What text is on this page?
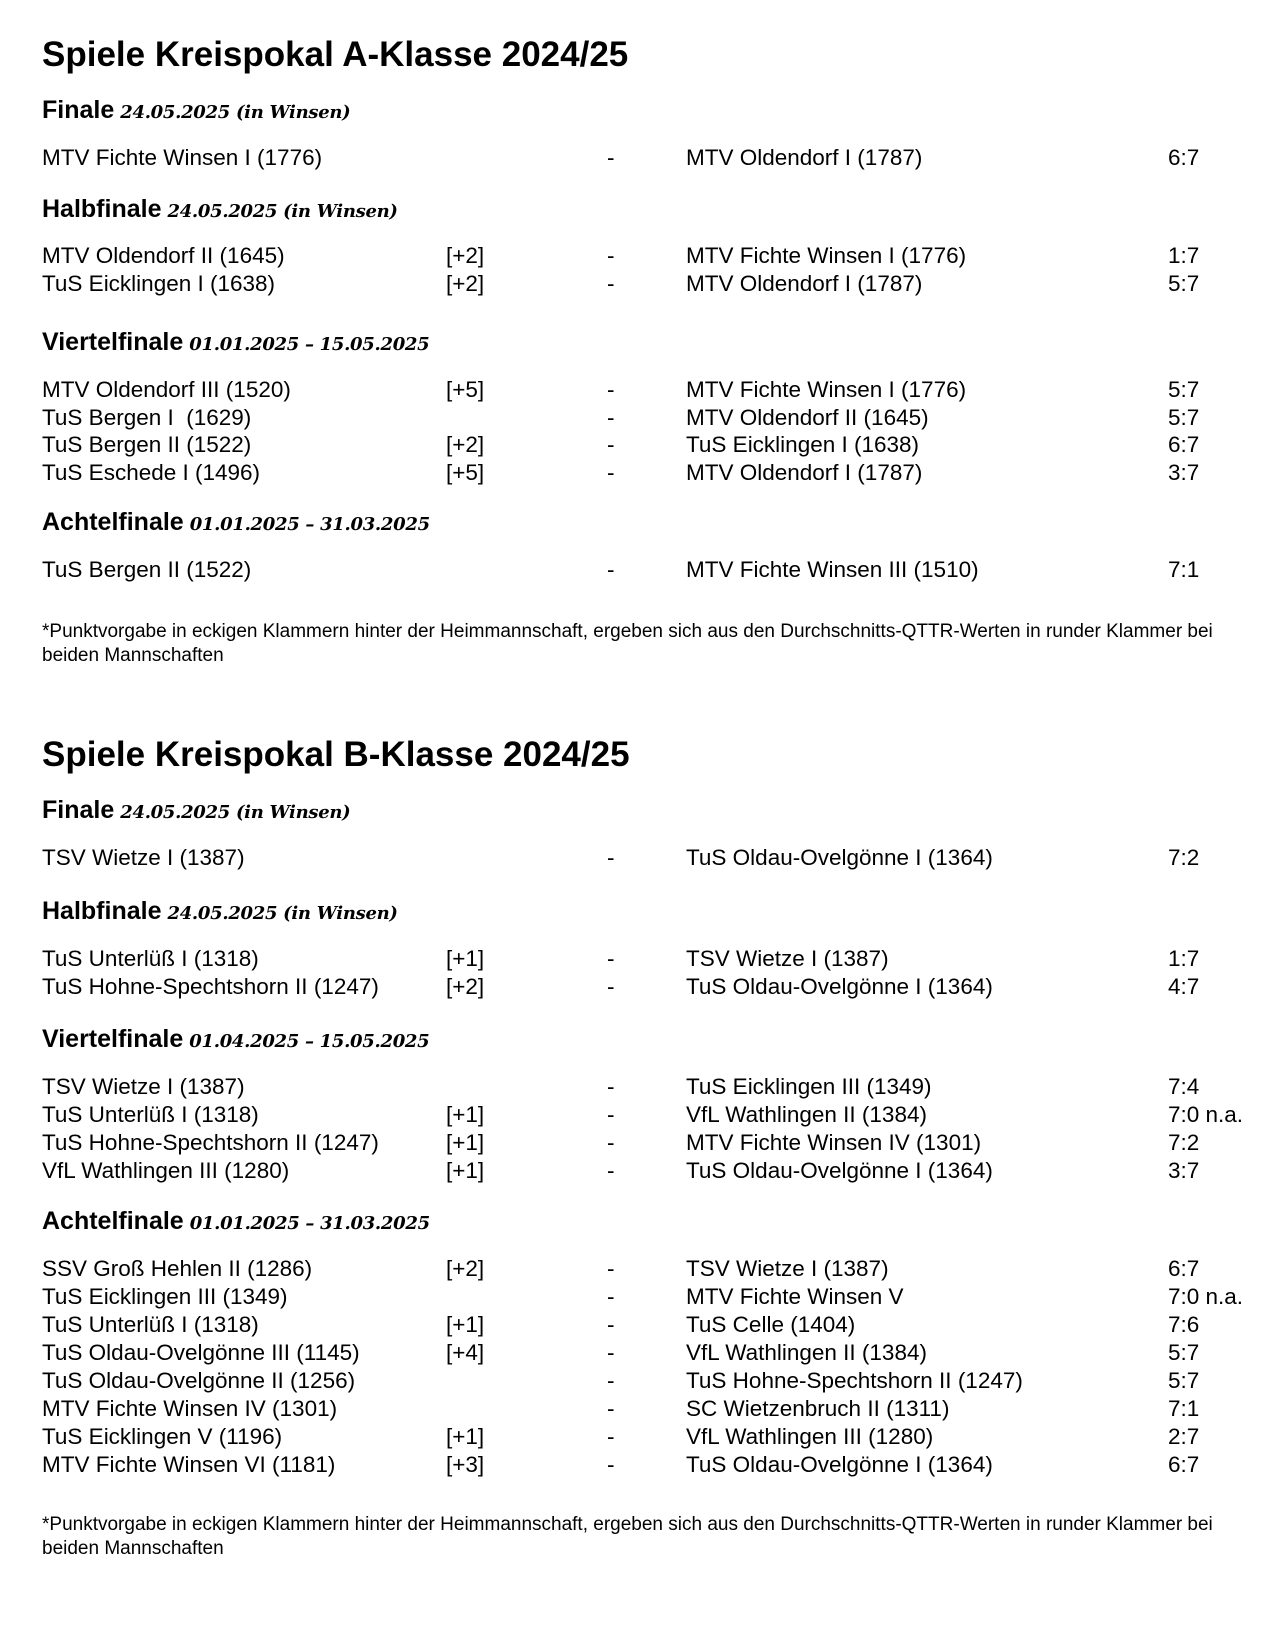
Spiele Kreispokal A-Klasse 2024/25
Finale 24.05.2025 (in Winsen)
MTV Fichte Winsen I (1776)	-	MTV Oldendorf I (1787)	6:7
Halbfinale 24.05.2025 (in Winsen)
MTV Oldendorf II (1645)	[+2]	-	MTV Fichte Winsen I (1776)	1:7
TuS Eicklingen I (1638)	[+2]	-	MTV Oldendorf I (1787)	5:7
Viertelfinale 01.01.2025 – 15.05.2025
MTV Oldendorf III (1520)	[+5]	-	MTV Fichte Winsen I (1776)	5:7
TuS Bergen I  (1629)	-	MTV Oldendorf II (1645)	5:7
TuS Bergen II (1522)	[+2]	-	TuS Eicklingen I (1638)	6:7
TuS Eschede I (1496)	[+5]	-	MTV Oldendorf I (1787)	3:7
Achtelfinale 01.01.2025 – 31.03.2025
TuS Bergen II (1522)	-	MTV Fichte Winsen III (1510)	7:1

*Punktvorgabe in eckigen Klammern hinter der Heimmannschaft, ergeben sich aus den Durchschnitts-QTTR-Werten in runder Klammer bei beiden Mannschaften

Spiele Kreispokal B-Klasse 2024/25
Finale 24.05.2025 (in Winsen)
TSV Wietze I (1387)	-	TuS Oldau-Ovelgönne I (1364)	7:2
Halbfinale 24.05.2025 (in Winsen)
TuS Unterlüß I (1318)	[+1]	-	TSV Wietze I (1387)	1:7
TuS Hohne-Spechtshorn II (1247)	[+2]	-	TuS Oldau-Ovelgönne I (1364)	4:7
Viertelfinale 01.04.2025 – 15.05.2025
TSV Wietze I (1387)	-	TuS Eicklingen III (1349)	7:4
TuS Unterlüß I (1318)	[+1]	-	VfL Wathlingen II (1384)	7:0 n.a.
TuS Hohne-Spechtshorn II (1247)	[+1]	-	MTV Fichte Winsen IV (1301)	7:2
VfL Wathlingen III (1280)	[+1]	-	TuS Oldau-Ovelgönne I (1364)	3:7
Achtelfinale 01.01.2025 – 31.03.2025
SSV Groß Hehlen II (1286)	[+2]	-	TSV Wietze I (1387)	6:7
TuS Eicklingen III (1349)	-	MTV Fichte Winsen V	7:0 n.a.
TuS Unterlüß I (1318)	[+1]	-	TuS Celle (1404)	7:6
TuS Oldau-Ovelgönne III (1145)	[+4]	-	VfL Wathlingen II (1384)	5:7
TuS Oldau-Ovelgönne II (1256)	-	TuS Hohne-Spechtshorn II (1247)	5:7
MTV Fichte Winsen IV (1301)	-	SC Wietzenbruch II (1311)	7:1
TuS Eicklingen V (1196)	[+1]	-	VfL Wathlingen III (1280)	2:7
MTV Fichte Winsen VI (1181)	[+3]	-	TuS Oldau-Ovelgönne I (1364)	6:7

*Punktvorgabe in eckigen Klammern hinter der Heimmannschaft, ergeben sich aus den Durchschnitts-QTTR-Werten in runder Klammer bei beiden Mannschaften
